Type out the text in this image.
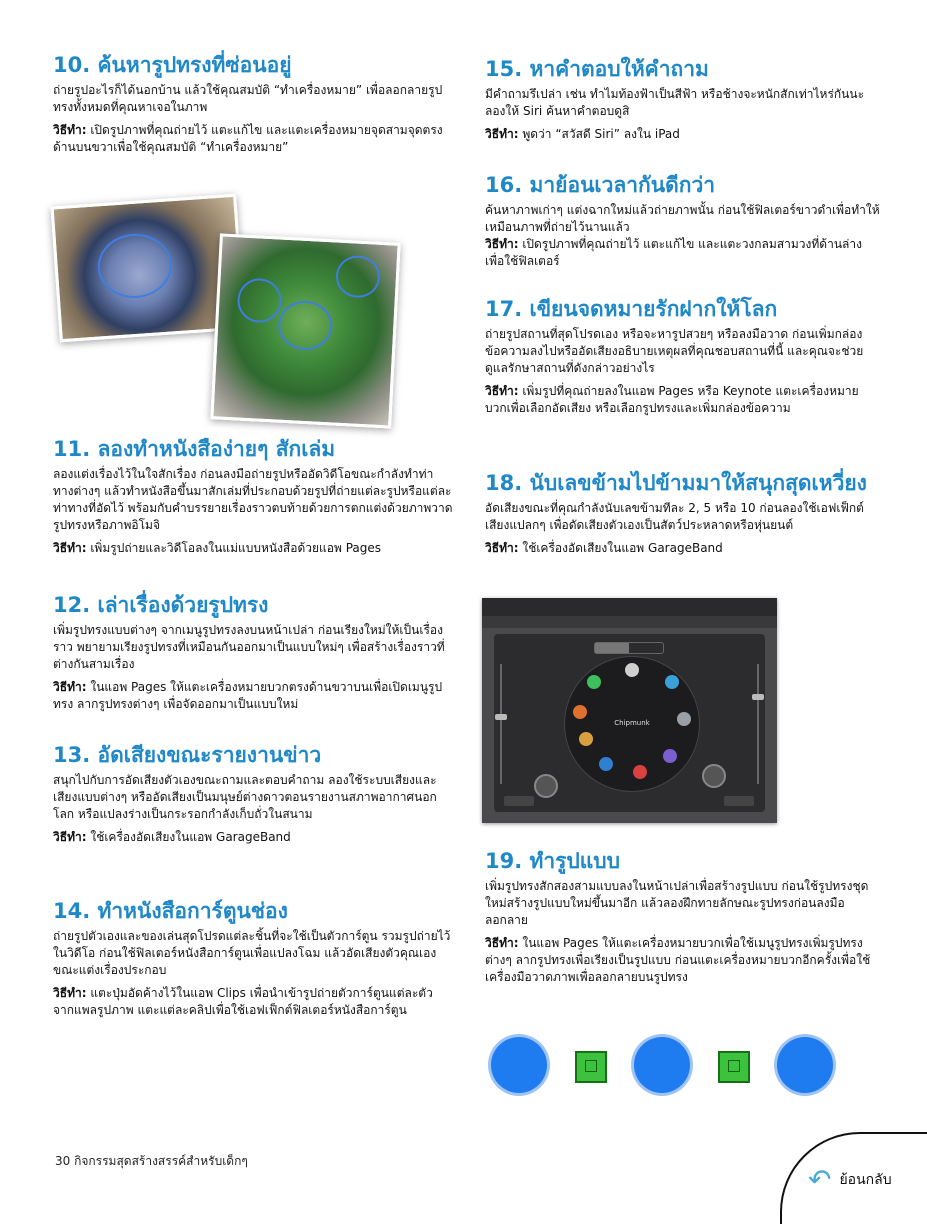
10. ค้นหารูปทรงที่ซ่อนอยู่

ถ่ายรูปอะไรก็ได้นอกบ้าน แล้วใช้คุณสมบัติ “ทำเครื่องหมาย” เพื่อลอกลายรูปทรงทั้งหมดที่คุณหาเจอในภาพ

วิธีทำ: เปิดรูปภาพที่คุณถ่ายไว้ แตะแก้ไข และแตะเครื่องหมายจุดสามจุดตรงด้านบนขวาเพื่อใช้คุณสมบัติ “ทำเครื่องหมาย”

11. ลองทำหนังสือง่ายๆ สักเล่ม

ลองแต่งเรื่องไว้ในใจสักเรื่อง ก่อนลงมือถ่ายรูปหรืออัดวิดีโอขณะกำลังทำท่าทางต่างๆ แล้วทำหนังสือขึ้นมาสักเล่มที่ประกอบด้วยรูปที่ถ่ายแต่ละรูปหรือแต่ละท่าทางที่อัดไว้ พร้อมกับคำบรรยายเรื่องราวตบท้ายด้วยการตกแต่งด้วยภาพวาด รูปทรงหรือภาพอิโมจิ

วิธีทำ: เพิ่มรูปถ่ายและวิดีโอลงในแม่แบบหนังสือด้วยแอพ Pages

12. เล่าเรื่องด้วยรูปทรง

เพิ่มรูปทรงแบบต่างๆ จากเมนูรูปทรงลงบนหน้าเปล่า ก่อนเรียงใหม่ให้เป็นเรื่องราว พยายามเรียงรูปทรงที่เหมือนกันออกมาเป็นแบบใหม่ๆ เพื่อสร้างเรื่องราวที่ต่างกันสามเรื่อง

วิธีทำ: ในแอพ Pages ให้แตะเครื่องหมายบวกตรงด้านขวาบนเพื่อเปิดเมนูรูปทรง ลากรูปทรงต่างๆ เพื่อจัดออกมาเป็นแบบใหม่

13. อัดเสียงขณะรายงานข่าว

สนุกไปกับการอัดเสียงตัวเองขณะถามและตอบคำถาม ลองใช้ระบบเสียงและเสียงแบบต่างๆ หรืออัดเสียงเป็นมนุษย์ต่างดาวตอนรายงานสภาพอากาศนอกโลก หรือแปลงร่างเป็นกระรอกกำลังเก็บถั่วในสนาม

วิธีทำ: ใช้เครื่องอัดเสียงในแอพ GarageBand

14. ทำหนังสือการ์ตูนช่อง

ถ่ายรูปตัวเองและของเล่นสุดโปรดแต่ละชิ้นที่จะใช้เป็นตัวการ์ตูน รวมรูปถ่ายไว้ในวิดีโอ ก่อนใช้ฟิลเตอร์หนังสือการ์ตูนเพื่อแปลงโฉม แล้วอัดเสียงตัวคุณเองขณะแต่งเรื่องประกอบ

วิธีทำ: แตะปุ่มอัดค้างไว้ในแอพ Clips เพื่อนำเข้ารูปถ่ายตัวการ์ตูนแต่ละตัวจากแพลรูปภาพ แตะแต่ละคลิปเพื่อใช้เอฟเฟ็กต์ฟิลเตอร์หนังสือการ์ตูน

15. หาคำตอบให้คำถาม

มีคำถามรึเปล่า เช่น ทำไมท้องฟ้าเป็นสีฟ้า หรือช้างจะหนักสักเท่าไหร่กันนะ ลองให้ Siri ค้นหาคำตอบดูสิ

วิธีทำ: พูดว่า “สวัสดี Siri” ลงใน iPad

16. มาย้อนเวลากันดีกว่า

ค้นหาภาพเก่าๆ แต่งฉากใหม่แล้วถ่ายภาพนั้น ก่อนใช้ฟิลเตอร์ขาวดำเพื่อทำให้เหมือนภาพที่ถ่ายไว้นานแล้ว

วิธีทำ: เปิดรูปภาพที่คุณถ่ายไว้ แตะแก้ไข และแตะวงกลมสามวงที่ด้านล่างเพื่อใช้ฟิลเตอร์

17. เขียนจดหมายรักฝากให้โลก

ถ่ายรูปสถานที่สุดโปรดเอง หรือจะหารูปสวยๆ หรือลงมือวาด ก่อนเพิ่มกล่องข้อความลงไปหรืออัดเสียงอธิบายเหตุผลที่คุณชอบสถานที่นี้ และคุณจะช่วยดูแลรักษาสถานที่ดังกล่าวอย่างไร

วิธีทำ: เพิ่มรูปที่คุณถ่ายลงในแอพ Pages หรือ Keynote แตะเครื่องหมายบวกเพื่อเลือกอัดเสียง หรือเลือกรูปทรงและเพิ่มกล่องข้อความ

18. นับเลขข้ามไปข้ามมาให้สนุกสุดเหวี่ยง

อัดเสียงขณะที่คุณกำลังนับเลขข้ามทีละ 2, 5 หรือ 10 ก่อนลองใช้เอฟเฟ็กต์เสียงแปลกๆ เพื่อดัดเสียงตัวเองเป็นสัตว์ประหลาดหรือหุ่นยนต์

วิธีทำ: ใช้เครื่องอัดเสียงในแอพ GarageBand

19. ทำรูปแบบ

เพิ่มรูปทรงสักสองสามแบบลงในหน้าเปล่าเพื่อสร้างรูปแบบ ก่อนใช้รูปทรงชุดใหม่สร้างรูปแบบใหม่ขึ้นมาอีก แล้วลองฝึกทายลักษณะรูปทรงก่อนลงมือลอกลาย

วิธีทำ: ในแอพ Pages ให้แตะเครื่องหมายบวกเพื่อใช้เมนูรูปทรงเพิ่มรูปทรงต่างๆ ลากรูปทรงเพื่อเรียงเป็นรูปแบบ ก่อนแตะเครื่องหมายบวกอีกครั้งเพื่อใช้เครื่องมือวาดภาพเพื่อลอกลายบนรูปทรง

Chipmunk
30 กิจกรรมสุดสร้างสรรค์สำหรับเด็กๆ
↶ ย้อนกลับ
